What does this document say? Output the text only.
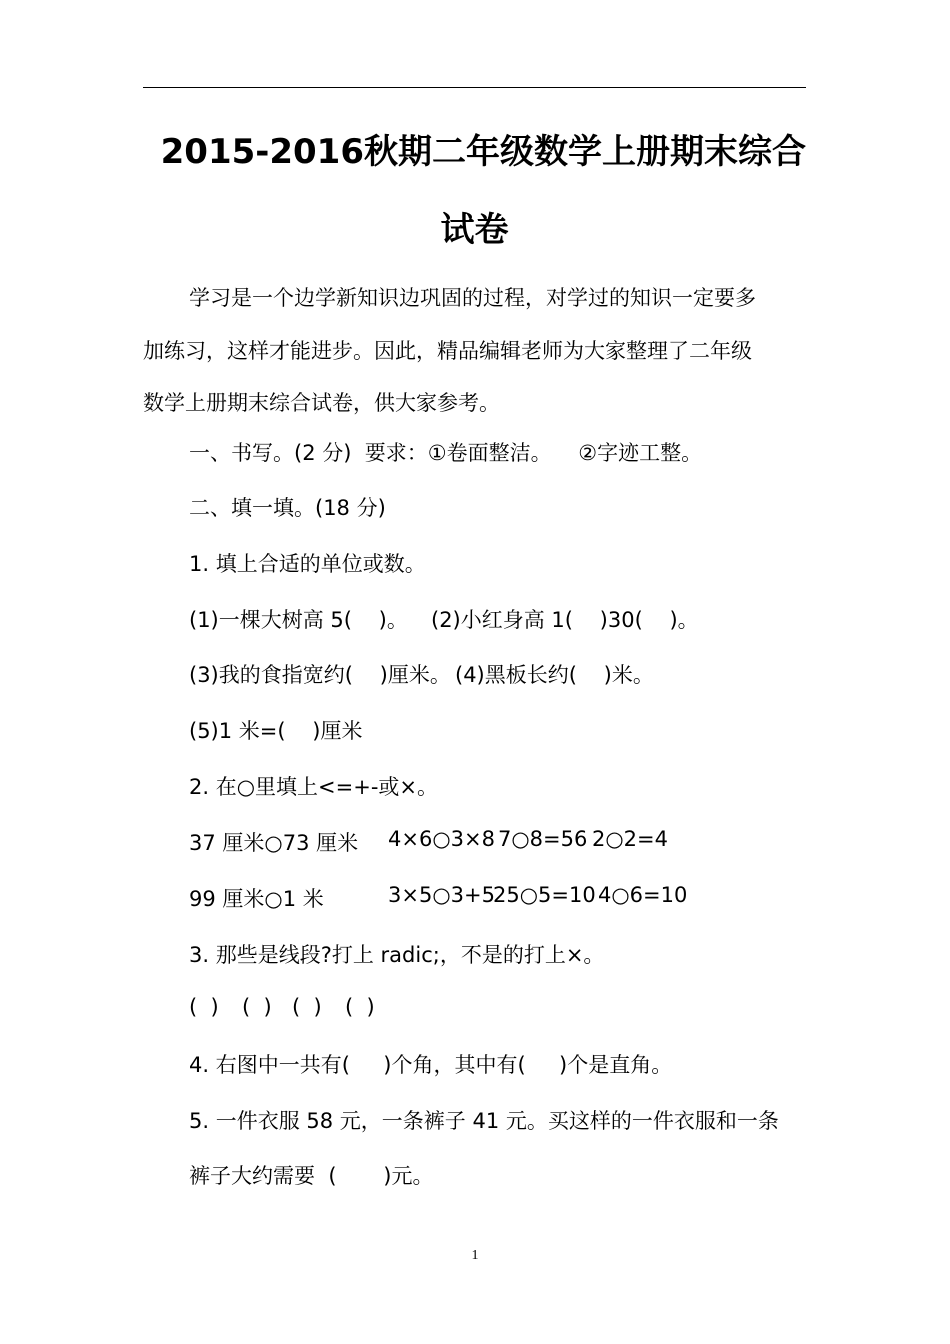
2015-2016秋期二年级数学上册期末综合
试卷
学习是一个边学新知识边巩固的过程，对学过的知识一定要多
加练习，这样才能进步。因此，精品编辑老师为大家整理了二年级
数学上册期末综合试卷，供大家参考。
一、书写。(2 分)  要求：①卷面整洁。    ②字迹工整。
二、填一填。(18 分)
1. 填上合适的单位或数。
(1)一棵大树高 5(    )。 (2)小红身高 1(    )30(    )。
(3)我的食指宽约(    )厘米。 (4)黑板长约(    )米。
(5)1 米=(    )厘米
2. 在○里填上<=+-或×。
37 厘米○73 厘米 4×6○3×8 7○8=56 2○2=4
99 厘米○1 米	3×5○3+5
25○5=10 4○6=10
3. 那些是线段?打上 radic;，不是的打上×。
(  ) (  ) (  ) (  )
4. 右图中一共有(     )个角，其中有(     )个是直角。
5. 一件衣服 58 元，一条裤子 41 元。买这样的一件衣服和一条
裤子大约需要  (       )元。
1
